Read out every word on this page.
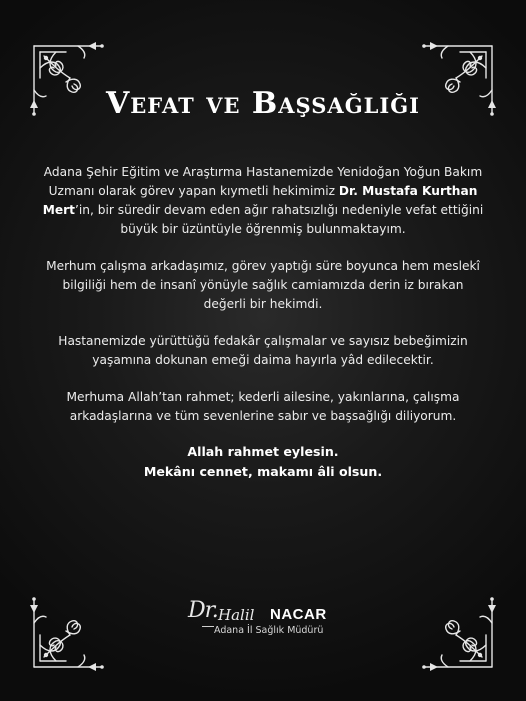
Vefat ve Başsağlığı

Adana Şehir Eğitim ve Araştırma Hastanemizde Yenidoğan Yoğun Bakım Uzmanı olarak görev yapan kıymetli hekimimiz Dr. Mustafa Kurthan Mert’in, bir süredir devam eden ağır rahatsızlığı nedeniyle vefat ettiğini büyük bir üzüntüyle öğrenmiş bulunmaktayım.

Merhum çalışma arkadaşımız, görev yaptığı süre boyunca hem meslekî bilgiliği hem de insanî yönüyle sağlık camiamızda derin iz bırakan değerli bir hekimdi.

Hastanemizde yürüttüğü fedakâr çalışmalar ve sayısız bebeğimizin yaşamına dokunan emeği daima hayırla yâd edilecektir.

Merhuma Allah’tan rahmet; kederli ailesine, yakınlarına, çalışma arkadaşlarına ve tüm sevenlerine sabır ve başsağlığı diliyorum.

Allah rahmet eylesin.
Mekânı cennet, makamı âli olsun.
Dr. Halil NACAR
Adana İl Sağlık Müdürü
